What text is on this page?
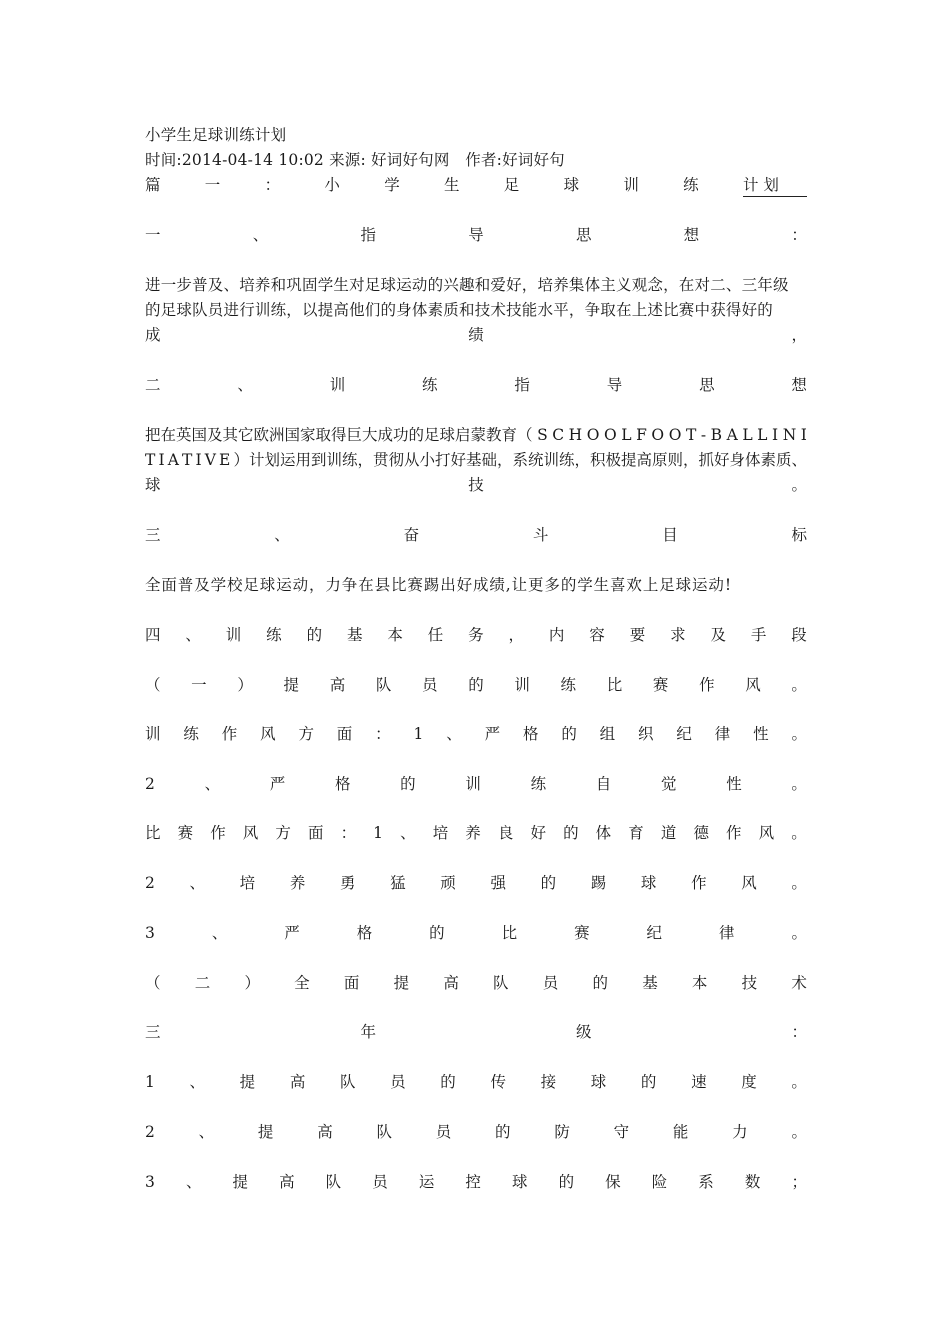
小学生足球训练计划
时间:2014-04-14 10:02 来源: 好词好句网　作者:好词好句
篇	一	：	小	学	生	足	球	训	练	计 划
一	、	指	导	思	想	：
进一步普及、培养和巩固学生对足球运动的兴趣和爱好，培养集体主义观念，在对二、三年级
的足球队员进行训练，以提高他们的身体素质和技术技能水平，争取在上述比赛中获得好的
成	绩	，
二	、	训	练	指	导	思	想
把在英国及其它欧洲国家取得巨大成功的足球启蒙教育（ S C H O O L F O O T - B A L L I N I
T I A T I V E ）计划运用到训练，贯彻从小打好基础，系统训练，积极提高原则，抓好身体素质、
球	技	。
三	、	奋	斗	目	标
全面普及学校足球运动，力争在县比赛踢出好成绩,让更多的学生喜欢上足球运动!
四 、 训 练 的 基 本 任 务 ， 内 容 要 求 及 手 段
（ 一 ） 提 高 队 员 的 训 练 比 赛 作 风 。
训 练 作 风 方 面 ： 1 、 严 格 的 组 织 纪 律 性 。
2	、	严	格	的	训	练	自	觉	性	。
比 赛 作 风 方 面 ： 1 、 培 养 良 好 的 体 育 道 德 作 风 。
2 、 培 养 勇 猛 顽 强 的 踢 球 作 风 。
3	、	严	格	的	比	赛	纪	律	。
（ 二 ） 全 面 提 高 队 员 的 基 本 技 术
三	年	级	：
1 、 提 高 队 员 的 传 接 球 的 速 度 。
2	、	提	高	队	员	的	防	守	能	力	。
3 、 提 高 队 员 运 控 球 的 保 险 系 数 ；
